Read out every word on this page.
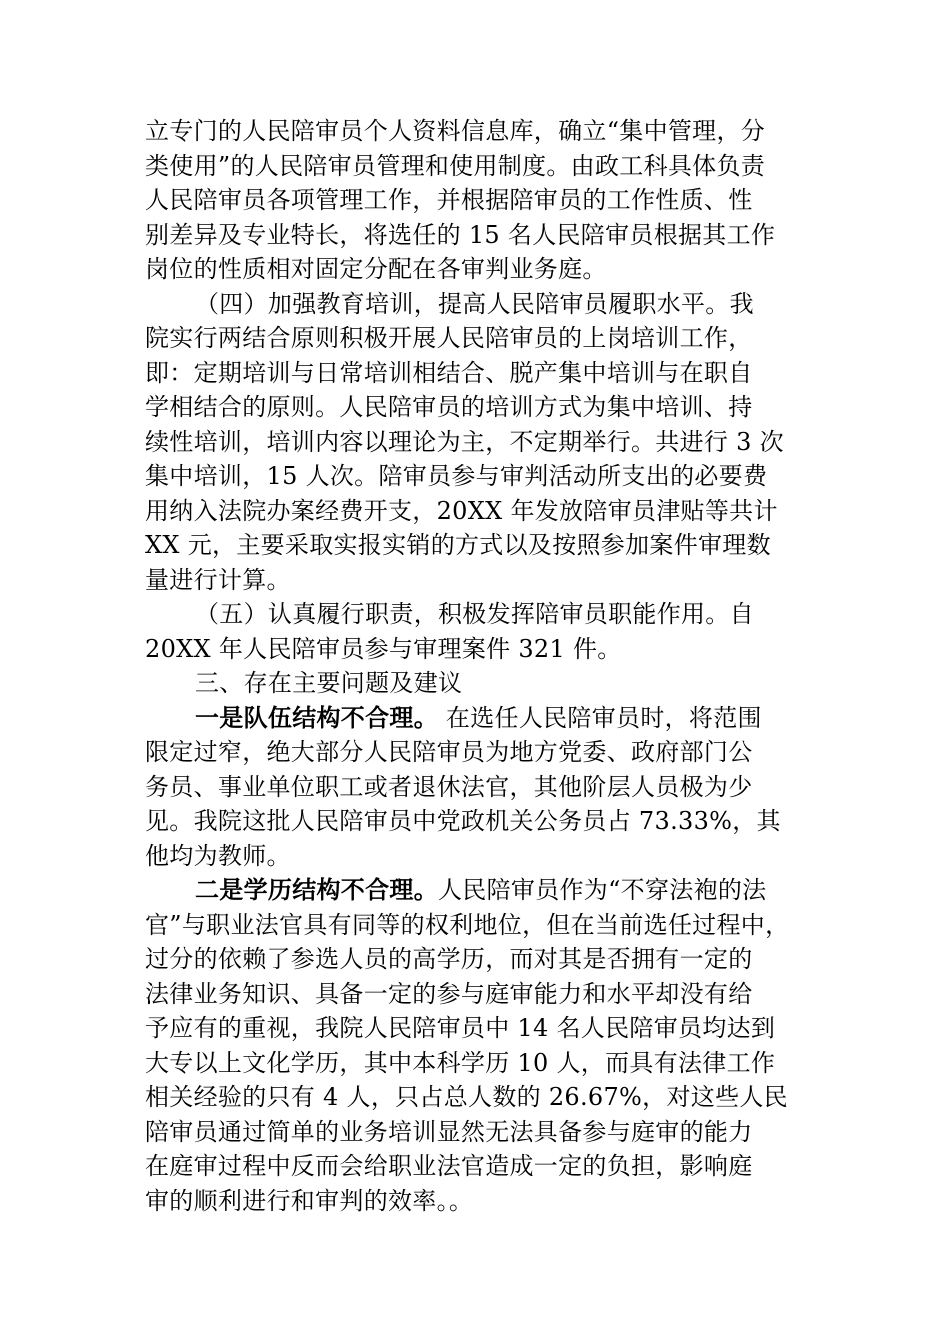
立专门的人民陪审员个人资料信息库，确立“集中管理，分
类使用”的人民陪审员管理和使用制度。由政工科具体负责
人民陪审员各项管理工作，并根据陪审员的工作性质、性
别差异及专业特长，将选任的 15 名人民陪审员根据其工作
岗位的性质相对固定分配在各审判业务庭。
（四）加强教育培训，提高人民陪审员履职水平。我
院实行两结合原则积极开展人民陪审员的上岗培训工作，
即：定期培训与日常培训相结合、脱产集中培训与在职自
学相结合的原则。人民陪审员的培训方式为集中培训、持
续性培训，培训内容以理论为主，不定期举行。共进行 3 次
集中培训，15 人次。陪审员参与审判活动所支出的必要费
用纳入法院办案经费开支，20XX 年发放陪审员津贴等共计
XX 元，主要采取实报实销的方式以及按照参加案件审理数
量进行计算。
（五）认真履行职责，积极发挥陪审员职能作用。自
20XX 年人民陪审员参与审理案件 321 件。
三、存在主要问题及建议
一是队伍结构不合理。 在选任人民陪审员时，将范围
限定过窄，绝大部分人民陪审员为地方党委、政府部门公
务员、事业单位职工或者退休法官，其他阶层人员极为少
见。我院这批人民陪审员中党政机关公务员占 73.33%，其
他均为教师。
二是学历结构不合理。人民陪审员作为“不穿法袍的法
官”与职业法官具有同等的权利地位，但在当前选任过程中，
过分的依赖了参选人员的高学历，而对其是否拥有一定的
法律业务知识、具备一定的参与庭审能力和水平却没有给
予应有的重视，我院人民陪审员中 14 名人民陪审员均达到
大专以上文化学历，其中本科学历 10 人，而具有法律工作
相关经验的只有 4 人，只占总人数的 26.67%，对这些人民
陪审员通过简单的业务培训显然无法具备参与庭审的能力
在庭审过程中反而会给职业法官造成一定的负担，影响庭
审的顺利进行和审判的效率。。
